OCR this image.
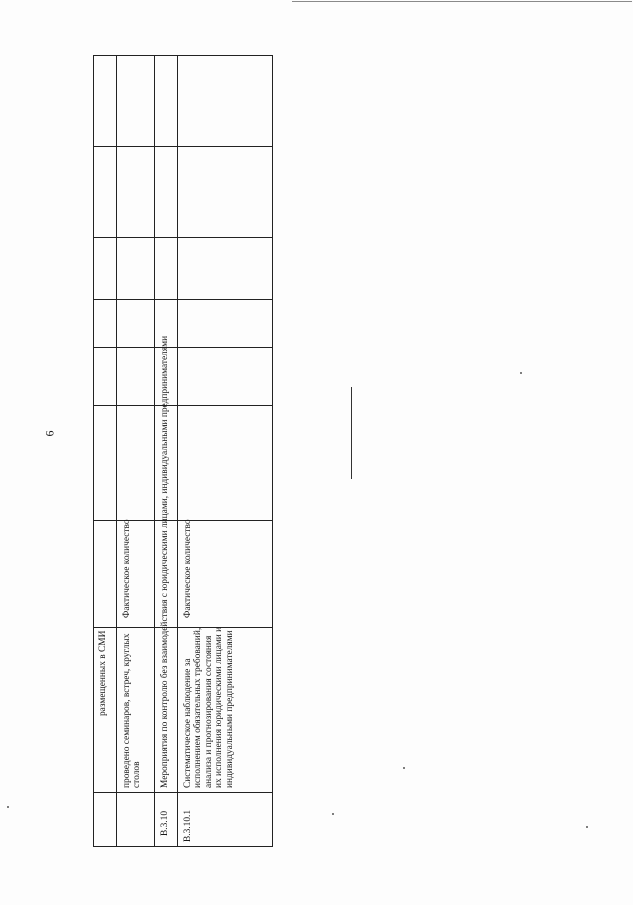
6
размещенных в СМИ проведено семинаров, встреч, круглых столов
Фактическое количество
В.3.10
Мероприятия по контролю без взаимодействия с юридическими лицами, индивидуальными предпринимателями
В.3.10.1
Систематическое наблюдение за исполнением обязательных требований, анализа и прогнозирования состояния их исполнения юридическими лицами и индивидуальными предпринимателями
Фактическое количество
